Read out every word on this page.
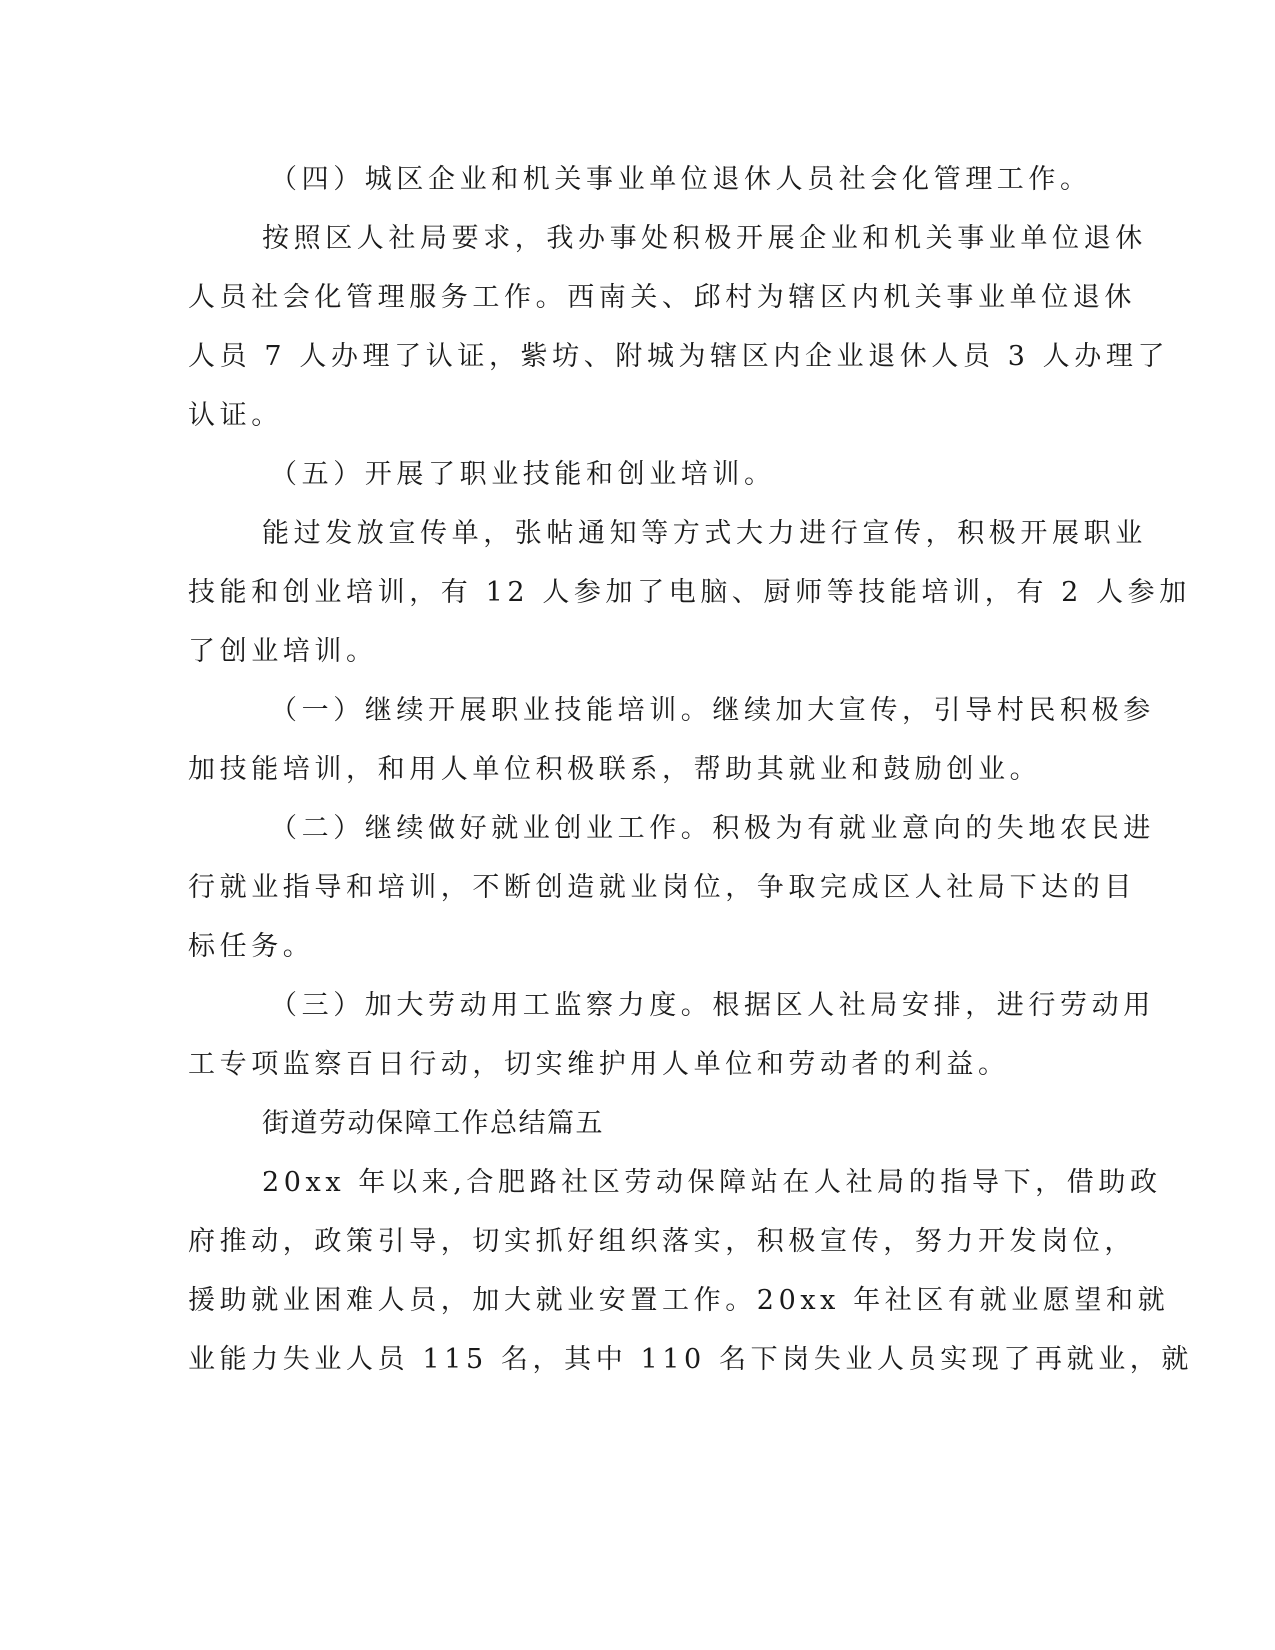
（四）城区企业和机关事业单位退休人员社会化管理工作。
按照区人社局要求，我办事处积极开展企业和机关事业单位退休
人员社会化管理服务工作。西南关、邱村为辖区内机关事业单位退休
人员 7 人办理了认证，紫坊、附城为辖区内企业退休人员 3 人办理了
认证。
（五）开展了职业技能和创业培训。
能过发放宣传单，张帖通知等方式大力进行宣传，积极开展职业
技能和创业培训，有 12 人参加了电脑、厨师等技能培训，有 2 人参加
了创业培训。
（一）继续开展职业技能培训。继续加大宣传，引导村民积极参
加技能培训，和用人单位积极联系，帮助其就业和鼓励创业。
（二）继续做好就业创业工作。积极为有就业意向的失地农民进
行就业指导和培训，不断创造就业岗位，争取完成区人社局下达的目
标任务。
（三）加大劳动用工监察力度。根据区人社局安排，进行劳动用
工专项监察百日行动，切实维护用人单位和劳动者的利益。
街道劳动保障工作总结篇五
20xx 年以来,合肥路社区劳动保障站在人社局的指导下，借助政
府推动，政策引导，切实抓好组织落实，积极宣传，努力开发岗位，
援助就业困难人员，加大就业安置工作。20xx 年社区有就业愿望和就
业能力失业人员 115 名，其中 110 名下岗失业人员实现了再就业，就
